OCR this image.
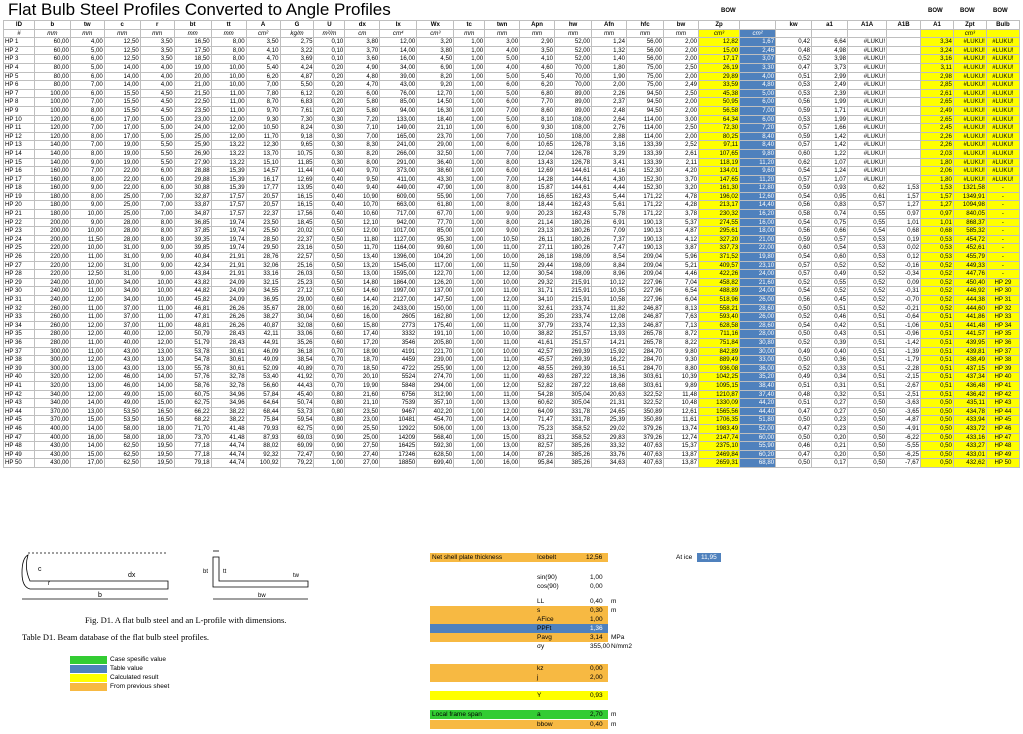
Flat Bulb Steel Profiles Converted to Angle Profiles	BOW	BOW	BOW	BOW
ID	b	tw	c	r	bt	tt	A	G	U	dx	Ix	Wx	tc	twn	Apn	hw	Afn	hfc	bw	Zp	Aw	kw	a1	A1A	A1B	A1	Zpt	Bulb
#	mm	mm	mm	mm	mm	mm	cm²	kg/m	m²/m	cm	cm⁴	cm³	mm	mm	mm	mm	mm	mm	mm	cm³	cm²						cm³	
HP 1	60,00	4,00	12,50	3,50	16,50	8,00	3,50	2,75	0,10	3,80	12,00	3,20	1,00	3,00	2,90	52,00	1,24	56,00	2,00	12,82	1,67	0,42	6,64	#LUKU!		3,34	#LUKU!	#LUKU!
HP 2	60,00	5,00	12,50	3,50	17,50	8,00	4,10	3,22	0,10	3,70	14,00	3,80	1,00	4,00	3,50	52,00	1,32	56,00	2,00	15,00	2,46	0,48	4,98	#LUKU!		3,24	#LUKU!	#LUKU!
HP 3	60,00	6,00	12,50	3,50	18,50	8,00	4,70	3,69	0,10	3,60	16,00	4,50	1,00	5,00	4,10	52,00	1,40	56,00	2,00	17,17	3,07	0,52	3,98	#LUKU!		3,16	#LUKU!	#LUKU!
HP 4	80,00	5,00	14,00	4,00	19,00	10,00	5,40	4,24	0,20	4,90	34,00	6,90	1,00	4,00	4,60	70,00	1,80	75,00	2,50	26,19	3,30	0,47	3,73	#LUKU!		3,11	#LUKU!	#LUKU!
HP 5	80,00	6,00	14,00	4,00	20,00	10,00	6,20	4,87	0,20	4,80	39,00	8,20	1,00	5,00	5,40	70,00	1,90	75,00	2,00	29,89	4,00	0,51	2,99	#LUKU!		2,98	#LUKU!	#LUKU!
HP 6	80,00	7,00	14,00	4,00	21,00	10,00	7,00	5,50	0,20	4,70	43,00	9,20	1,00	6,00	6,20	70,00	2,00	75,00	2,49	33,59	4,80	0,53	2,49	#LUKU!		2,85	#LUKU!	#LUKU!
HP 7	100,00	6,00	15,50	4,50	21,50	11,00	7,80	6,12	0,20	6,00	76,00	12,70	1,00	5,00	6,80	89,00	2,26	94,50	2,50	45,38	5,00	0,53	2,39	#LUKU!		2,61	#LUKU!	#LUKU!
HP 8	100,00	7,00	15,50	4,50	22,50	11,00	8,70	6,83	0,20	5,80	85,00	14,50	1,00	6,00	7,70	89,00	2,37	94,50	2,00	50,95	6,00	0,56	1,99	#LUKU!		2,65	#LUKU!	#LUKU!
HP 9	100,00	8,00	15,50	4,50	23,50	11,00	9,70	7,61	0,20	5,80	94,00	16,30	1,00	7,00	8,60	89,00	2,48	94,50	2,00	56,58	7,00	0,59	1,71	#LUKU!		2,49	#LUKU!	#LUKU!
HP 10	120,00	6,00	17,00	5,00	23,00	12,00	9,30	7,30	0,30	7,20	133,00	18,40	1,00	5,00	8,10	108,00	2,64	114,00	3,00	64,34	6,00	0,53	1,99	#LUKU!		2,65	#LUKU!	#LUKU!
HP 11	120,00	7,00	17,00	5,00	24,00	12,00	10,50	8,24	0,30	7,10	149,00	21,10	1,00	6,00	9,30	108,00	2,76	114,00	2,50	72,30	7,20	0,57	1,66	#LUKU!		2,45	#LUKU!	#LUKU!
HP 12	120,00	8,00	17,00	5,00	25,00	12,00	11,70	9,18	0,30	7,00	165,00	23,70	1,00	7,00	10,50	108,00	2,88	114,00	2,00	80,25	8,40	0,59	1,42	#LUKU!		2,26	#LUKU!	#LUKU!
HP 13	140,00	7,00	19,00	5,50	25,90	13,22	12,30	9,65	0,30	8,30	241,00	29,00	1,00	6,00	10,65	126,78	3,16	133,39	2,52	97,11	8,40	0,57	1,42	#LUKU!		2,26	#LUKU!	#LUKU!
HP 14	140,00	8,00	19,00	5,50	26,90	13,22	13,70	10,75	0,30	8,20	266,00	32,50	1,00	7,00	12,04	126,78	3,29	133,39	2,61	107,65	9,80	0,60	1,22	#LUKU!		2,03	#LUKU!	#LUKU!
HP 15	140,00	9,00	19,00	5,50	27,90	13,22	15,10	11,85	0,30	8,00	291,00	36,40	1,00	8,00	13,43	126,78	3,41	133,39	2,11	118,19	11,20	0,62	1,07	#LUKU!		1,80	#LUKU!	#LUKU!
HP 16	160,00	7,00	22,00	6,00	28,88	15,39	14,57	11,44	0,40	9,70	373,00	38,60	1,00	6,00	12,69	144,61	4,16	152,30	4,20	134,01	9,60	0,54	1,24	#LUKU!		2,06	#LUKU!	#LUKU!
HP 17	160,00	8,00	22,00	6,00	29,88	15,39	16,17	12,69	0,40	9,50	411,00	43,30	1,00	7,00	14,28	144,61	4,30	152,30	3,70	147,65	11,20	0,57	1,07	#LUKU!		1,80	#LUKU!	#LUKU!
HP 18	160,00	9,00	22,00	6,00	30,88	15,39	17,77	13,95	0,40	9,40	449,00	47,90	1,00	8,00	15,87	144,61	4,44	152,30	3,20	161,30	12,80	0,59	0,93	0,62	1,53	1,53	1321,58	-
HP 19	180,00	8,00	25,00	7,00	32,87	17,57	20,57	16,15	0,40	10,90	609,00	55,90	1,00	7,00	16,65	162,43	5,44	171,22	4,78	196,02	12,60	0,54	0,95	0,61	1,57	1,57	1349,91	-
HP 20	180,00	9,00	25,00	7,00	33,87	17,57	20,57	16,15	0,40	10,70	663,00	61,80	1,00	8,00	18,44	162,43	5,61	171,22	4,28	213,17	14,40	0,56	0,83	0,57	1,27	1,27	1094,98	-
HP 21	180,00	10,00	25,00	7,00	34,87	17,57	22,37	17,56	0,40	10,60	717,00	67,70	1,00	9,00	20,23	162,43	5,78	171,22	3,78	230,32	16,20	0,58	0,74	0,55	0,97	0,97	840,05	-
HP 22	200,00	9,00	28,00	8,00	36,85	19,74	23,50	18,45	0,50	12,10	942,00	77,70	1,00	8,00	21,14	180,26	6,91	190,13	5,37	274,55	16,00	0,54	0,75	0,55	1,01	1,01	868,37	-
HP 23	200,00	10,00	28,00	8,00	37,85	19,74	25,50	20,02	0,50	12,00	1017,00	85,00	1,00	9,00	23,13	180,26	7,09	190,13	4,87	295,61	18,00	0,56	0,66	0,54	0,68	0,68	585,32	-
HP 24	200,00	11,50	28,00	8,00	39,35	19,74	28,50	22,37	0,50	11,80	1127,00	95,30	1,00	10,50	26,11	180,26	7,37	190,13	4,12	327,20	21,00	0,59	0,57	0,53	0,19	0,53	454,72	-
HP 25	220,00	10,00	31,00	9,00	39,85	19,74	29,50	23,16	0,50	11,70	1164,00	99,60	1,00	11,00	27,11	180,26	7,47	190,13	3,87	337,73	22,00	0,60	0,54	0,53	0,02	0,53	452,61	-
HP 26	220,00	11,00	31,00	9,00	40,84	21,91	28,76	22,57	0,50	13,40	1396,00	104,20	1,00	10,00	26,18	198,09	8,54	209,04	5,96	371,52	19,80	0,54	0,60	0,53	0,12	0,53	455,79	-
HP 27	220,00	12,00	31,00	9,00	42,34	21,91	32,06	25,16	0,50	13,20	1545,00	117,00	1,00	11,50	29,44	198,09	8,84	209,04	5,21	409,57	23,10	0,57	0,52	0,52	-0,16	0,52	449,33	-
HP 28	220,00	12,50	31,00	9,00	43,84	21,91	33,16	26,03	0,50	13,00	1595,00	122,70	1,00	12,00	30,54	198,09	8,96	209,04	4,46	422,26	24,00	0,57	0,49	0,52	-0,34	0,52	447,76	-
HP 29	240,00	10,00	34,00	10,00	43,82	24,09	32,15	25,23	0,50	14,80	1864,00	126,20	1,00	10,00	29,32	215,91	10,12	227,96	7,04	458,82	21,60	0,52	0,55	0,52	0,09	0,52	450,40	HP 29
HP 30	240,00	11,00	34,00	10,00	44,82	24,09	34,55	27,12	0,50	14,60	1997,00	137,00	1,00	11,00	31,71	215,91	10,35	227,96	6,54	488,89	24,00	0,54	0,52	0,52	-0,31	0,52	446,92	HP 30
HP 31	240,00	12,00	34,00	10,00	45,82	24,09	36,95	29,00	0,60	14,40	2127,00	147,50	1,00	12,00	34,10	215,91	10,58	227,96	6,04	518,96	26,00	0,56	0,45	0,52	-0,70	0,52	444,38	HP 31
HP 32	260,00	11,00	37,00	11,00	46,81	26,26	35,67	28,00	0,60	16,20	2433,00	150,00	1,00	11,00	32,61	233,74	11,82	246,87	8,13	558,21	28,60	0,50	0,51	0,52	-0,21	0,52	444,60	HP 32
HP 33	260,00	11,00	37,00	11,00	47,81	26,26	38,27	30,04	0,60	16,00	2605	162,80	1,00	12,00	35,20	233,74	12,08	246,87	7,63	593,40	26,00	0,52	0,46	0,51	-0,64	0,51	441,86	HP 33
HP 34	260,00	12,00	37,00	11,00	48,81	26,26	40,87	32,08	0,60	15,80	2773	175,40	1,00	11,00	37,79	233,74	12,33	246,87	7,13	628,58	28,60	0,54	0,42	0,51	-1,06	0,51	441,48	HP 34
HP 35	280,00	12,00	40,00	12,00	50,79	28,43	42,11	33,06	0,60	17,40	3332	191,10	1,00	10,00	38,82	251,57	13,93	265,78	8,72	711,16	28,00	0,50	0,43	0,51	-0,96	0,51	441,57	HP 35
HP 36	280,00	11,00	40,00	12,00	51,79	28,43	44,91	35,26	0,60	17,20	3546	205,80	1,00	11,00	41,61	251,57	14,21	265,78	8,22	751,84	30,80	0,52	0,39	0,51	-1,42	0,51	439,95	HP 36
HP 37	300,00	11,00	43,00	13,00	53,78	30,61	46,09	36,18	0,70	18,90	4191	221,70	1,00	10,00	42,57	269,39	15,92	284,70	9,80	842,89	30,00	0,49	0,40	0,51	-1,39	0,51	439,81	HP 37
HP 38	300,00	12,00	43,00	13,00	54,78	30,61	49,09	38,54	0,70	18,70	4459	239,00	1,00	11,00	45,57	269,39	16,22	284,70	9,30	889,49	33,00	0,50	0,36	0,51	-1,79	0,51	438,49	HP 38
HP 39	300,00	13,00	43,00	13,00	55,78	30,61	52,09	40,89	0,70	18,50	4722	255,90	1,00	12,00	48,55	269,39	16,51	284,70	8,80	936,08	36,00	0,52	0,33	0,51	-2,28	0,51	437,15	HP 39
HP 40	320,00	12,00	46,00	14,00	57,76	32,78	53,40	41,92	0,70	20,10	5524	274,70	1,00	11,00	49,63	287,22	18,36	303,61	10,39	1042,25	35,20	0,49	0,34	0,51	-2,15	0,51	437,34	HP 40
HP 41	320,00	13,00	46,00	14,00	58,76	32,78	56,60	44,43	0,70	19,90	5848	294,00	1,00	12,00	52,82	287,22	18,68	303,61	9,89	1095,15	38,40	0,51	0,31	0,51	-2,67	0,51	436,48	HP 41
HP 42	340,00	12,00	49,00	15,00	60,75	34,96	57,84	45,40	0,80	21,60	6756	312,90	1,00	11,00	54,28	305,04	20,63	322,52	11,48	1210,87	37,40	0,48	0,32	0,51	-2,51	0,51	436,42	HP 42
HP 43	340,00	14,00	49,00	15,00	62,75	34,96	64,64	50,74	0,80	21,10	7539	357,10	1,00	13,00	60,62	305,04	21,31	322,52	10,48	1330,09	44,20	0,51	0,27	0,50	-3,63	0,50	435,11	HP 43
HP 44	370,00	13,00	53,50	16,50	66,22	38,22	68,44	53,73	0,80	23,50	9467	402,20	1,00	12,00	64,09	331,78	24,65	350,89	12,61	1565,56	44,40	0,47	0,27	0,50	-3,65	0,50	434,78	HP 44
HP 45	370,00	15,00	53,50	16,50	68,22	38,22	75,84	59,54	0,80	23,00	10481	454,70	1,00	14,00	71,47	331,78	25,39	350,89	11,61	1706,35	51,80	0,50	0,23	0,50	-4,87	0,50	433,94	HP 45
HP 46	400,00	14,00	58,00	18,00	71,70	41,48	79,93	62,75	0,90	25,50	12922	506,00	1,00	13,00	75,23	358,52	29,02	379,26	13,74	1983,49	52,00	0,47	0,23	0,50	-4,91	0,50	433,72	HP 46
HP 47	400,00	16,00	58,00	18,00	73,70	41,48	87,93	69,03	0,90	25,00	14209	568,40	1,00	15,00	83,21	358,52	29,83	379,26	12,74	2147,74	60,00	0,50	0,20	0,50	-6,22	0,50	433,16	HP 47
HP 48	430,00	14,00	62,50	19,50	77,18	44,74	88,02	69,09	0,90	27,50	16425	592,30	1,00	13,00	82,57	385,26	33,32	407,63	15,37	2375,10	55,90	0,46	0,21	0,50	-5,55	0,50	433,27	HP 48
HP 49	430,00	15,00	62,50	19,50	77,18	44,74	92,32	72,47	0,90	27,40	17246	628,50	1,00	14,00	87,26	385,26	33,76	407,63	13,87	2469,84	60,20	0,47	0,20	0,50	-6,25	0,50	433,01	HP 49
HP 50	430,00	17,00	62,50	19,50	79,18	44,74	100,92	79,22	1,00	27,00	18850	699,40	1,00	16,00	95,84	385,26	34,63	407,63	13,87	2659,31	68,80	0,50	0,17	0,50	-7,67	0,50	432,62	HP 50
c
dx
b
r
bt tt
bw
tw
Fig. D1. A flat bulb steel and an L-profile with dimensions.
Table D1. Beam database of the flat bulb steel profiles.
Case spesific value
Table value
Calculated result
From previous sheet
Net shell plate thickness	Icebelt	12,56	At ice 11,95
sin(90)	1,00
cos(90)	0,00
LL	0,40 m
s	0,30 m
AFice	1,00
PPFt	1,36
Pavg	3,14 MPa
σy	355,00 N/mm2
kz	0,00
j	2,00
Y	0,93
Local frame span	a	2,70 m
bbow	0,40 m
